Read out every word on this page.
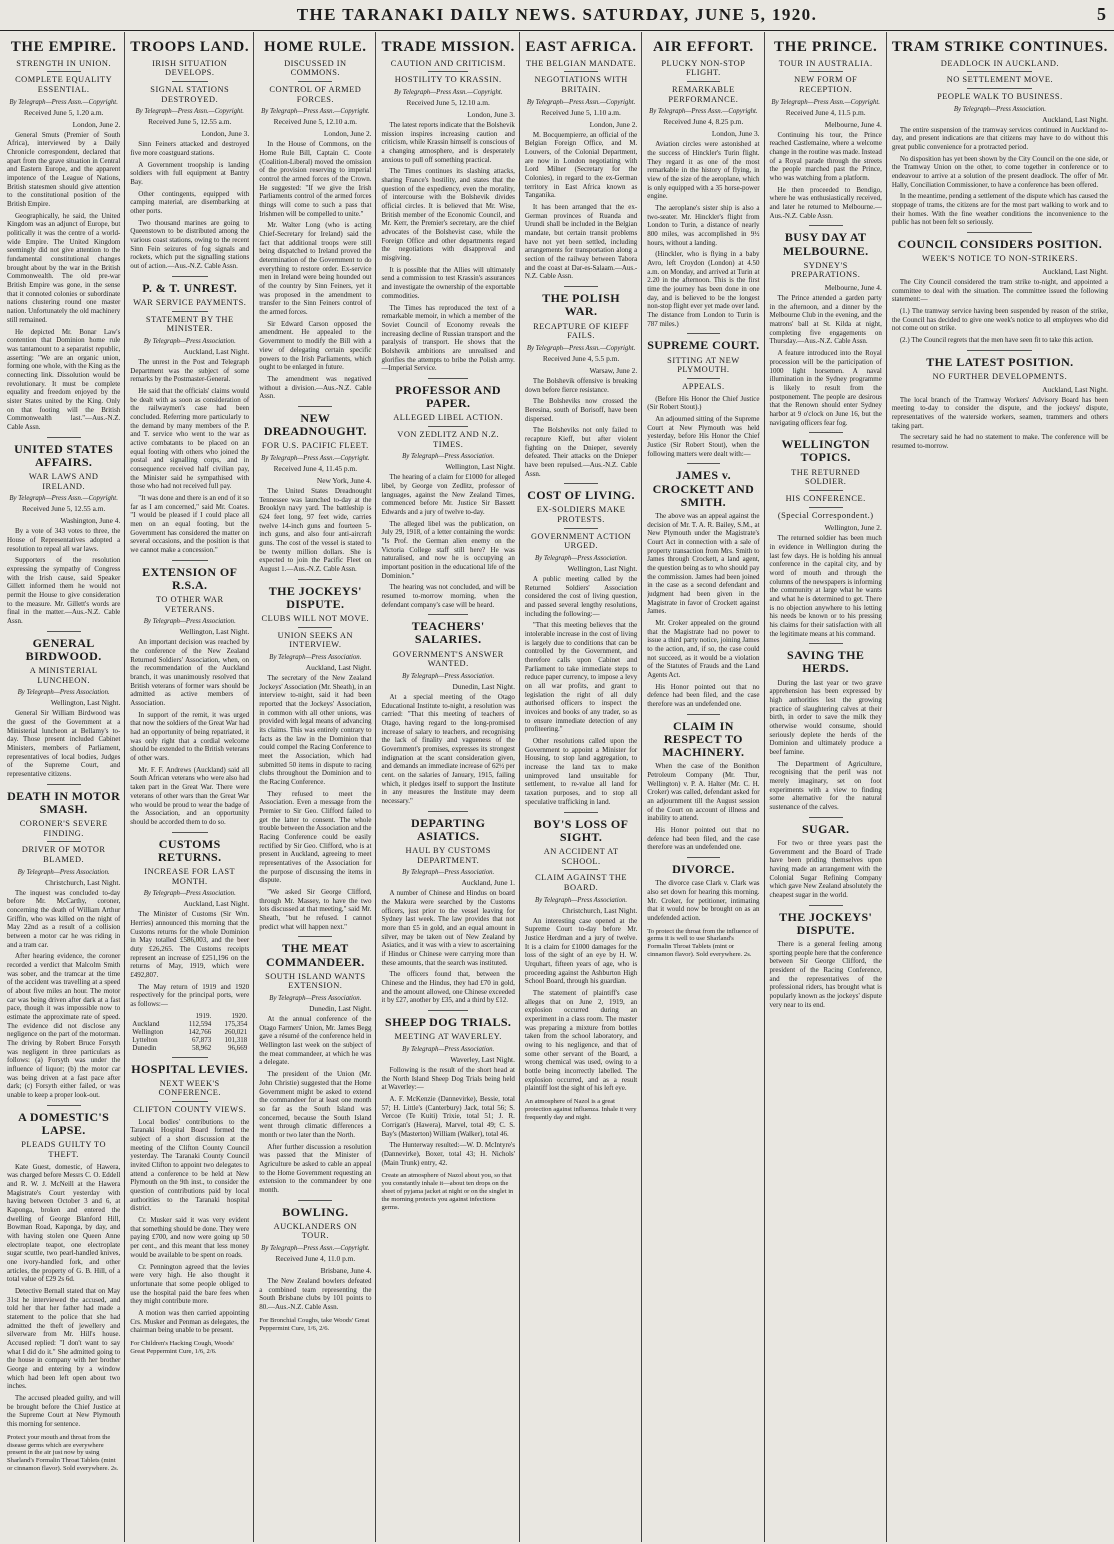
THE TARANAKI DAILY NEWS. SATURDAY, JUNE 5, 1920.	5
THE EMPIRE.
STRENGTH IN UNION.
COMPLETE EQUALITY ESSENTIAL.
By Telegraph—Press Assn.—Copyright.
Received June 5, 1.20 a.m.
London, June 2.

General Smuts (Premier of South Africa), interviewed by a Daily Chronicle correspondent, declared that apart from the grave situation in Central and Eastern Europe, and the apparent impotence of the League of Nations, British statesmen should give attention to the constitutional position of the British Empire.

Geographically, he said, the United Kingdom was an adjunct of Europe, but politically it was the centre of a world-wide Empire. The United Kingdom seemingly did not give attention to the fundamental constitutional changes brought about by the war in the British Commonwealth. The old pre-war British Empire was gone, in the sense that it connoted colonies or subordinate nations clustering round one master nation. Unfortunately the old machinery still remained.

He depicted Mr. Bonar Law's contention that Dominion home rule was tantamount to a separatist republic, asserting: "We are an organic union, forming one whole, with the King as the connecting link. Dissolution would be revolutionary. It must be complete equality and freedom enjoyed by the sister States united by the King. Only on that footing will the British Commonwealth last."—Aus.-N.Z. Cable Assn.

UNITED STATES AFFAIRS.
WAR LAWS AND IRELAND.
By Telegraph—Press Assn.—Copyright.
Received June 5, 12.55 a.m.
Washington, June 4.

By a vote of 343 votes to three, the House of Representatives adopted a resolution to repeal all war laws.

Supporters of the resolution expressing the sympathy of Congress with the Irish cause, said Speaker Gillett informed them he would not permit the House to give consideration to the measure. Mr. Gillett's words are final in the matter.—Aus.-N.Z. Cable Assn.

GENERAL BIRDWOOD.
A MINISTERIAL LUNCHEON.
By Telegraph—Press Association.
Wellington, Last Night.

General Sir William Birdwood was the guest of the Government at a Ministerial luncheon at Bellamy's to-day. Those present included Cabinet Ministers, members of Parliament, representatives of local bodies, Judges of the Supreme Court, and representative citizens.

DEATH IN MOTOR SMASH.
CORONER'S SEVERE FINDING.
DRIVER OF MOTOR BLAMED.
By Telegraph—Press Association.
Christchurch, Last Night.

The inquest was concluded to-day before Mr. McCarthy, coroner, concerning the death of William Arthur Griffin, who was killed on the night of May 22nd as a result of a collision between a motor car he was riding in and a tram car.

After hearing evidence, the coroner recorded a verdict that Malcolm Smith was sober, and the tramcar at the time of the accident was travelling at a speed of about five miles an hour. The motor car was being driven after dark at a fast pace, though it was impossible now to estimate the approximate rate of speed. The evidence did not disclose any negligence on the part of the motorman. The driving by Robert Bruce Forsyth was negligent in three particulars as follows: (a) Forsyth was under the influence of liquor; (b) the motor car was being driven at a fast pace after dark; (c) Forsyth either failed, or was unable to keep a proper look-out.

A DOMESTIC'S LAPSE.
PLEADS GUILTY TO THEFT.

Kate Guest, domestic, of Hawera, was charged before Messrs C. O. Eddell and R. W. J. McNeill at the Hawera Magistrate's Court yesterday with having between October 3 and 6, at Kaponga, broken and entered the dwelling of George Blanford Hill, Bowman Road, Kaponga, by day, and with having stolen one Queen Anne electroplate teapot, one electroplate sugar scuttle, two pearl-handled knives, one ivory-handled fork, and other articles, the property of G. B. Hill, of a total value of £29 2s 6d.

Detective Bernall stated that on May 31st he interviewed the accused, and told her that her father had made a statement to the police that she had admitted the theft of jewellery and silverware from Mr. Hill's house. Accused replied: "I don't want to say what I did do it." She admitted going to the house in company with her brother George and entering by a window which had been left open about two inches.

The accused pleaded guilty, and will be brought before the Chief Justice at the Supreme Court at New Plymouth this morning for sentence.

Protect your mouth and throat from the disease germs which are everywhere present in the air just now by using Sharland's Formalin Throat Tablets (mint or cinnamon flavor). Sold everywhere. 2s.
TROOPS LAND.
IRISH SITUATION DEVELOPS.
SIGNAL STATIONS DESTROYED.
By Telegraph—Press Assn.—Copyright.
Received June 5, 12.55 a.m.
London, June 3.

Sinn Feiners attacked and destroyed five more coastguard stations.

A Government troopship is landing soldiers with full equipment at Bantry Bay.

Other contingents, equipped with camping material, are disembarking at other ports.

Two thousand marines are going to Queenstown to be distributed among the various coast stations, owing to the recent Sinn Fein seizures of fog signals and rockets, which put the signalling stations out of action.—Aus.-N.Z. Cable Assn.

P. & T. UNREST.
WAR SERVICE PAYMENTS.
STATEMENT BY THE MINISTER.
By Telegraph—Press Association.
Auckland, Last Night.

The unrest in the Post and Telegraph Department was the subject of some remarks by the Postmaster-General.

He said that the officials' claims would be dealt with as soon as consideration of the railwaymen's case had been concluded. Referring more particularly to the demand by many members of the P. and T. service who went to the war as active combatants to be placed on an equal footing with others who joined the postal and signalling corps, and in consequence received half civilian pay, the Minister said he sympathised with those who had not received full pay.

"It was done and there is an end of it so far as I am concerned," said Mr. Coates. "I would be pleased if I could place all men on an equal footing, but the Government has considered the matter on several occasions, and the position is that we cannot make a concession."

EXTENSION OF R.S.A.
TO OTHER WAR VETERANS.
By Telegraph—Press Association.
Wellington, Last Night.

An important decision was reached by the conference of the New Zealand Returned Soldiers' Association, when, on the recommendation of the Auckland branch, it was unanimously resolved that British veterans of former wars should be admitted as active members of Association.

In support of the remit, it was urged that now the soldiers of the Great War had had an opportunity of being repatriated, it was only right that a cordial welcome should be extended to the British veterans of other wars.

Mr. F. F. Andrews (Auckland) said all South African veterans who were also had taken part in the Great War. There were veterans of other wars than the Great War who would be proud to wear the badge of the Association, and an opportunity should be accorded them to do so.

CUSTOMS RETURNS.
INCREASE FOR LAST MONTH.
By Telegraph—Press Association.
Auckland, Last Night.

The Minister of Customs (Sir Wm. Herries) announced this morning that the Customs returns for the whole Dominion in May totalled £586,003, and the beer duty £26,265. The Customs receipts represent an increase of £251,196 on the returns of May, 1919, which were £492,807.

The May return of 1919 and 1920 respectively for the principal ports, were as follows:—

	1919.	1920.
Auckland	112,594	175,354
Wellington	142,766	260,021
Lyttelton	67,873	101,318
Dunedin	58,962	96,669
HOSPITAL LEVIES.
NEXT WEEK'S CONFERENCE.
CLIFTON COUNTY VIEWS.

Local bodies' contributions to the Taranaki Hospital Board formed the subject of a short discussion at the meeting of the Clifton County Council yesterday. The Taranaki County Council invited Clifton to appoint two delegates to attend a conference to be held at New Plymouth on the 9th inst., to consider the question of contributions paid by local authorities to the Taranaki hospital district.

Cr. Musker said it was very evident that something should be done. They were paying £700, and now were going up 50 per cent., and this meant that less money would be available to be spent on roads.

Cr. Pennington agreed that the levies were very high. He also thought it unfortunate that some people obliged to use the hospital paid the bare fees when they might contribute more.

A motion was then carried appointing Crs. Musker and Penman as delegates, the chairman being unable to be present.

For Children's Hacking Cough, Woods' Great Peppermint Cure, 1/6, 2/6.
HOME RULE.
DISCUSSED IN COMMONS.
CONTROL OF ARMED FORCES.
By Telegraph—Press Assn.—Copyright.
Received June 5, 12.10 a.m.
London, June 2.

In the House of Commons, on the Home Rule Bill, Captain C. Coote (Coalition-Liberal) moved the omission of the provision reserving to imperial control the armed forces of the Crown. He suggested: "If we give the Irish Parliaments control of the armed forces things will come to such a pass that Irishmen will be compelled to unite."

Mr. Walter Long (who is acting Chief-Secretary for Ireland) said the fact that additional troops were still being dispatched to Ireland proved the determination of the Government to do everything to restore order. Ex-service men in Ireland were being hounded out of the country by Sinn Feiners, yet it was proposed in the amendment to transfer to the Sinn Feiners control of the armed forces.

Sir Edward Carson opposed the amendment. He appealed to the Government to modify the Bill with a view of delegating certain specific powers to the Irish Parliaments, which ought to be enlarged in future.

The amendment was negatived without a division.—Aus.-N.Z. Cable Assn.

NEW DREADNOUGHT.
FOR U.S. PACIFIC FLEET.
By Telegraph—Press Assn.—Copyright.
Received June 4, 11.45 p.m.
New York, June 4.

The United States Dreadnought Tennessee was launched to-day at the Brooklyn navy yard. The battleship is 624 feet long, 97 feet wide, carries twelve 14-inch guns and fourteen 5-inch guns, and also four anti-aircraft guns. The cost of the vessel is stated to be twenty million dollars. She is expected to join the Pacific Fleet on August 1.—Aus.-N.Z. Cable Assn.

THE JOCKEYS' DISPUTE.
CLUBS WILL NOT MOVE.
UNION SEEKS AN INTERVIEW.
By Telegraph—Press Association.
Auckland, Last Night.

The secretary of the New Zealand Jockeys' Association (Mr. Sheath), in an interview to-night, said it had been reported that the Jockeys' Association, in common with all other unions, was provided with legal means of advancing its claims. This was entirely contrary to facts as the law in the Dominion that could compel the Racing Conference to meet the Association, which had submitted 50 items in dispute to racing clubs throughout the Dominion and to the Racing Conference.

They refused to meet the Association. Even a message from the Premier to Sir Geo. Clifford failed to get the latter to consent. The whole trouble between the Association and the Racing Conference could be easily rectified by Sir Geo. Clifford, who is at present in Auckland, agreeing to meet representatives of the Association for the purpose of discussing the items in dispute.

"We asked Sir George Clifford, through Mr. Massey, to have the two lots discussed at that meeting," said Mr. Sheath, "but he refused. I cannot predict what will happen next."

THE MEAT COMMANDEER.
SOUTH ISLAND WANTS EXTENSION.
By Telegraph—Press Association.
Dunedin, Last Night.

At the annual conference of the Otago Farmers' Union, Mr. James Begg gave a résumé of the conference held in Wellington last week on the subject of the meat commandeer, at which he was a delegate.

The president of the Union (Mr. John Christie) suggested that the Home Government might be asked to extend the commandeer for at least one month so far as the South Island was concerned, because the South Island went through climatic differences a month or two later than the North.

After further discussion a resolution was passed that the Minister of Agriculture be asked to cable an appeal to the Home Government requesting an extension to the commandeer by one month.

BOWLING.
AUCKLANDERS ON TOUR.
By Telegraph—Press Assn.—Copyright.
Received June 4, 11.0 p.m.
Brisbane, June 4.

The New Zealand bowlers defeated a combined team representing the South Brisbane clubs by 101 points to 80.—Aus.-N.Z. Cable Assn.

For Bronchial Coughs, take Woods' Great Peppermint Cure, 1/6, 2/6.
TRADE MISSION.
CAUTION AND CRITICISM.
HOSTILITY TO KRASSIN.
By Telegraph—Press Assn.—Copyright.
Received June 5, 12.10 a.m.
London, June 3.

The latest reports indicate that the Bolshevik mission inspires increasing caution and criticism, while Krassin himself is conscious of a changing atmosphere, and is desperately anxious to pull off something practical.

The Times continues its slashing attacks, sharing France's hostility, and states that the question of the expediency, even the morality, of intercourse with the Bolshevik divides official circles. It is believed that Mr. Wise, British member of the Economic Council, and Mr. Kerr, the Premier's secretary, are the chief advocates of the Bolshevist case, while the Foreign Office and other departments regard the negotiations with disapproval and misgiving.

It is possible that the Allies will ultimately send a commission to test Krassin's assurances and investigate the ownership of the exportable commodities.

The Times has reproduced the text of a remarkable memoir, in which a member of the Soviet Council of Economy reveals the increasing decline of Russian transport and the paralysis of transport. He shows that the Bolshevik ambitions are unrealised and glorifies the attempts to bribe the Polish army.—Imperial Service.

PROFESSOR AND PAPER.
ALLEGED LIBEL ACTION.
VON ZEDLITZ AND N.Z. TIMES.
By Telegraph—Press Association.
Wellington, Last Night.

The hearing of a claim for £1000 for alleged libel, by George von Zedlitz, professor of languages, against the New Zealand Times, commenced before Mr. Justice Sir Bassett Edwards and a jury of twelve to-day.

The alleged libel was the publication, on July 29, 1918, of a letter containing the words: "Is Prof. the German alien enemy on the Victoria College staff still here? He was naturalised, and now he is occupying an important position in the educational life of the Dominion."

The hearing was not concluded, and will be resumed to-morrow morning, when the defendant company's case will be heard.

TEACHERS' SALARIES.
GOVERNMENT'S ANSWER WANTED.
By Telegraph—Press Association.
Dunedin, Last Night.

At a special meeting of the Otago Educational Institute to-night, a resolution was carried: "That this meeting of teachers of Otago, having regard to the long-promised increase of salary to teachers, and recognising the lack of finality and vagueness of the Government's promises, expresses its strongest indignation at the scant consideration given, and demands an immediate increase of 62½ per cent. on the salaries of January, 1915, failing which, it pledges itself to support the Institute in any measures the Institute may deem necessary."

DEPARTING ASIATICS.
HAUL BY CUSTOMS DEPARTMENT.
By Telegraph—Press Association.
Auckland, June 1.

A number of Chinese and Hindus on board the Makura were searched by the Customs officers, just prior to the vessel leaving for Sydney last week. The law provides that not more than £5 in gold, and an equal amount in silver, may be taken out of New Zealand by Asiatics, and it was with a view to ascertaining if Hindus or Chinese were carrying more than these amounts, that the search was instituted.

The officers found that, between the Chinese and the Hindus, they had £70 in gold, and the amount allowed, one Chinese exceeded it by £27, another by £35, and a third by £12.

SHEEP DOG TRIALS.
MEETING AT WAVERLEY.
By Telegraph—Press Association.
Waverley, Last Night.

Following is the result of the short head at the North Island Sheep Dog Trials being held at Waverley:—

A. F. McKenzie (Dannevirke), Bessie, total 57; H. Little's (Canterbury) Jack, total 56; S. Vercoe (Te Kuiti) Trixie, total 51; J. R. Corrigan's (Hawera), Marvel, total 49; C. S. Bay's (Masterton) William (Walker), total 46.

The Hunterway resulted:—W. D. McIntyre's (Dannevirke), Boxer, total 43; H. Nichols' (Main Trunk) entry, 42.

Create an atmosphere of Nazol about you, so that you constantly inhale it—about ten drops on the sheet of pyjama jacket at night or on the singlet in the morning protects you against infections germs.
EAST AFRICA.
THE BELGIAN MANDATE.
NEGOTIATIONS WITH BRITAIN.
By Telegraph—Press Assn.—Copyright.
Received June 5, 1.10 a.m.
London, June 2.

M. Bocquempierre, an official of the Belgian Foreign Office, and M. Louwers, of the Colonial Department, are now in London negotiating with Lord Milner (Secretary for the Colonies), in regard to the ex-German territory in East Africa known as Tanganika.

It has been arranged that the ex-German provinces of Ruanda and Urundi shall be included in the Belgian mandate, but certain transit problems have not yet been settled, including arrangements for transportation along a section of the railway between Tabora and the coast at Dar-es-Salaam.—Aus.-N.Z. Cable Assn.

THE POLISH WAR.
RECAPTURE OF KIEFF FAILS.
By Telegraph—Press Assn.—Copyright.
Received June 4, 5.5 p.m.
Warsaw, June 2.

The Bolshevik offensive is breaking down before fierce resistance.

The Bolsheviks now crossed the Beresina, south of Borisoff, have been dispersed.

The Bolsheviks not only failed to recapture Kieff, but after violent fighting on the Dnieper, severely defeated. Their attacks on the Dnieper have been repulsed.—Aus.-N.Z. Cable Assn.

COST OF LIVING.
EX-SOLDIERS MAKE PROTESTS.
GOVERNMENT ACTION URGED.
By Telegraph—Press Association.
Wellington, Last Night.

A public meeting called by the Returned Soldiers' Association considered the cost of living question, and passed several lengthy resolutions, including the following:—

"That this meeting believes that the intolerable increase in the cost of living is largely due to conditions that can be controlled by the Government, and therefore calls upon Cabinet and Parliament to take immediate steps to reduce paper currency, to impose a levy on all war profits, and grant to legislation the right of all duly authorised officers to inspect the invoices and books of any trader, so as to ensure immediate detection of any profiteering."

Other resolutions called upon the Government to appoint a Minister for Housing, to stop land aggregation, to increase the land tax to make unimproved land unsuitable for settlement, to re-value all land for taxation purposes, and to stop all speculative trafficking in land.

BOY'S LOSS OF SIGHT.
AN ACCIDENT AT SCHOOL.
CLAIM AGAINST THE BOARD.
By Telegraph—Press Association.
Christchurch, Last Night.

An interesting case opened at the Supreme Court to-day before Mr. Justice Herdman and a jury of twelve. It is a claim for £1000 damages for the loss of the sight of an eye by H. W. Urquhart, fifteen years of age, who is proceeding against the Ashburton High School Board, through his guardian.

The statement of plaintiff's case alleges that on June 2, 1919, an explosion occurred during an experiment in a class room. The master was preparing a mixture from bottles taken from the school laboratory, and owing to his negligence, and that of some other servant of the Board, a wrong chemical was used, owing to a bottle being incorrectly labelled. The explosion occurred, and as a result plaintiff lost the sight of his left eye.

An atmosphere of Nazol is a great protection against influenza. Inhale it very frequently day and night.
AIR EFFORT.
PLUCKY NON-STOP FLIGHT.
REMARKABLE PERFORMANCE.
By Telegraph—Press Assn.—Copyright.
Received June 4, 8.25 p.m.
London, June 3.

Aviation circles were astonished at the success of Hinckler's Turin flight. They regard it as one of the most remarkable in the history of flying, in view of the size of the aeroplane, which is only equipped with a 35 horse-power engine.

The aeroplane's sister ship is also a two-seater. Mr. Hinckler's flight from London to Turin, a distance of nearly 800 miles, was accomplished in 9½ hours, without a landing.

(Hinckler, who is flying in a baby Avro, left Croydon (London) at 4.50 a.m. on Monday, and arrived at Turin at 2.20 in the afternoon. This is the first time the journey has been done in one day, and is believed to be the longest non-stop flight ever yet made over land. The distance from London to Turin is 787 miles.)

SUPREME COURT.
SITTING AT NEW PLYMOUTH.
APPEALS.

(Before His Honor the Chief Justice (Sir Robert Stout).)

An adjourned sitting of the Supreme Court at New Plymouth was held yesterday, before His Honor the Chief Justice (Sir Robert Stout), when the following matters were dealt with:—

JAMES v. CROCKETT AND SMITH.

The above was an appeal against the decision of Mr. T. A. R. Bailey, S.M., at New Plymouth under the Magistrate's Court Act in connection with a sale of property transaction from Mrs. Smith to James through Crockett, a land agent, the question being as to who should pay the commission. James had been joined in the case as a second defendant and judgment had been given in the Magistrate in favor of Crockett against James.

Mr. Croker appealed on the ground that the Magistrate had no power to issue a third party notice, joining James to the action, and, if so, the case could not succeed, as it would be a violation of the Statutes of Frauds and the Land Agents Act.

His Honor pointed out that no defence had been filed, and the case therefore was an undefended one.

CLAIM IN RESPECT TO MACHINERY.

When the case of the Bonithon Petroleum Company (Mr. Thur, Wellington) v. P. A. Halter (Mr. C. H. Croker) was called, defendant asked for an adjournment till the August session of the Court on account of illness and inability to attend.

His Honor pointed out that no defence had been filed, and the case therefore was an undefended one.

DIVORCE.

The divorce case Clark v. Clark was also set down for hearing this morning. Mr. Croker, for petitioner, intimating that it would now be brought on as an undefended action.

To protect the throat from the influence of germs it is well to use Sharland's Formalin Throat Tablets (mint or cinnamon flavor). Sold everywhere. 2s.
THE PRINCE.
TOUR IN AUSTRALIA.
NEW FORM OF RECEPTION.
By Telegraph—Press Assn.—Copyright.
Received June 4, 11.5 p.m.
Melbourne, June 4.

Continuing his tour, the Prince reached Castlemaine, where a welcome change in the routine was made. Instead of a Royal parade through the streets the people marched past the Prince, who was watching from a platform.

He then proceeded to Bendigo, where he was enthusiastically received, and later he returned to Melbourne.—Aus.-N.Z. Cable Assn.

BUSY DAY AT MELBOURNE.
SYDNEY'S PREPARATIONS.
Melbourne, June 4.

The Prince attended a garden party in the afternoon, and a dinner by the Melbourne Club in the evening, and the matrons' ball at St. Kilda at night, completing five engagements on Thursday.—Aus.-N.Z. Cable Assn.

A feature introduced into the Royal procession will be the participation of 1000 light horsemen. A naval illumination in the Sydney programme is likely to result from the postponement. The people are desirous that the Renown should enter Sydney harbor at 9 o'clock on June 16, but the navigating officers fear fog.

WELLINGTON TOPICS.
THE RETURNED SOLDIER.
HIS CONFERENCE.
(Special Correspondent.)
Wellington, June 2.

The returned soldier has been much in evidence in Wellington during the last few days. He is holding his annual conference in the capital city, and by word of mouth and through the columns of the newspapers is informing the community at large what he wants and what he is determined to get. There is no objection anywhere to his letting his needs be known or to his pressing his claims for their satisfaction with all the legitimate means at his command.

SAVING THE HERDS.

During the last year or two grave apprehension has been expressed by high authorities lest the growing practice of slaughtering calves at their birth, in order to save the milk they otherwise would consume, should seriously deplete the herds of the Dominion and ultimately produce a beef famine.

The Department of Agriculture, recognising that the peril was not merely imaginary, set on foot experiments with a view to finding some alternative for the natural sustenance of the calves.

SUGAR.

For two or three years past the Government and the Board of Trade have been priding themselves upon having made an arrangement with the Colonial Sugar Refining Company which gave New Zealand absolutely the cheapest sugar in the world.

THE JOCKEYS' DISPUTE.

There is a general feeling among sporting people here that the conference between Sir George Clifford, the president of the Racing Conference, and the representatives of the professional riders, has brought what is popularly known as the jockeys' dispute very near to its end.

TRAM STRIKE CONTINUES.
DEADLOCK IN AUCKLAND.
NO SETTLEMENT MOVE.
PEOPLE WALK TO BUSINESS.
By Telegraph—Press Association.
Auckland, Last Night.

The entire suspension of the tramway services continued in Auckland to-day, and present indications are that citizens may have to do without this great public convenience for a protracted period.

No disposition has yet been shown by the City Council on the one side, or the Tramway Union on the other, to come together in conference or to endeavour to arrive at a solution of the present deadlock. The offer of Mr. Hally, Conciliation Commissioner, to have a conference has been offered.

In the meantime, pending a settlement of the dispute which has caused the stoppage of trams, the citizens are for the most part walking to work and to their homes. With the fine weather conditions the inconvenience to the public has not been felt so seriously.

COUNCIL CONSIDERS POSITION.
WEEK'S NOTICE TO NON-STRIKERS.
Auckland, Last Night.

The City Council considered the tram strike to-night, and appointed a committee to deal with the situation. The committee issued the following statement:—

(1.) The tramway service having been suspended by reason of the strike, the Council has decided to give one week's notice to all employees who did not come out on strike.

(2.) The Council regrets that the men have seen fit to take this action.

THE LATEST POSITION.
NO FURTHER DEVELOPMENTS.
Auckland, Last Night.

The local branch of the Tramway Workers' Advisory Board has been meeting to-day to consider the dispute, and the jockeys' dispute, representatives of the waterside workers, seamen, trammers and others taking part.

The secretary said he had no statement to make. The conference will be resumed to-morrow.
